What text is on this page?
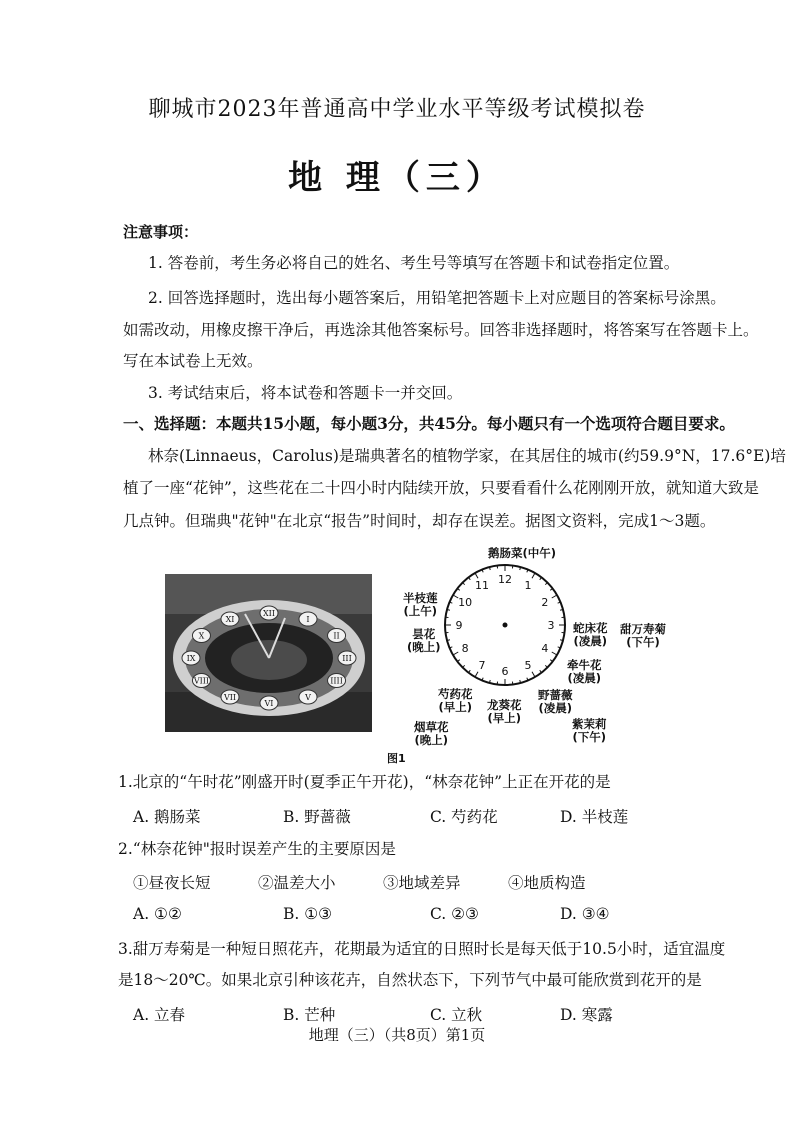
聊城市2023年普通高中学业水平等级考试模拟卷
地 理（三）
注意事项：
1. 答卷前，考生务必将自己的姓名、考生号等填写在答题卡和试卷指定位置。
2. 回答选择题时，选出每小题答案后，用铅笔把答题卡上对应题目的答案标号涂黑。
如需改动，用橡皮擦干净后，再选涂其他答案标号。回答非选择题时，将答案写在答题卡上。
写在本试卷上无效。
3. 考试结束后，将本试卷和答题卡一并交回。
一、选择题：本题共15小题，每小题3分，共45分。每小题只有一个选项符合题目要求。
林奈(Linnaeus，Carolus)是瑞典著名的植物学家，在其居住的城市(约59.9°N，17.6°E)培
植了一座“花钟”，这些花在二十四小时内陆续开放，只要看看什么花刚刚开放，就知道大致是
几点钟。但瑞典"花钟"在北京“报告”时间时，却存在误差。据图文资料，完成1～3题。
XII
I
II
III
IIII
V
VI
VII
VIII
IX
X
XI
12 1
2
3
4
5
6
7
8
9
10
11
鹅肠菜(中午)
半枝莲
(上午)
昙花
(晚上)
蛇床花
(凌晨)
甜万寿菊
(下午)
牵牛花
(凌晨)
野蔷薇
(凌晨)
紫茉莉
(下午)
芍药花
(早上) 龙葵花
(早上)
烟草花
(晚上)
图1
1.北京的“午时花”刚盛开时(夏季正午开花)，“林奈花钟”上正在开花的是
A. 鹅肠菜	B. 野蔷薇	C. 芍药花	D. 半枝莲
2.“林奈花钟"报时误差产生的主要原因是
①昼夜长短	②温差大小	③地域差异	④地质构造
A. ①②	B. ①③	C. ②③	D. ③④
3.甜万寿菊是一种短日照花卉，花期最为适宜的日照时长是每天低于10.5小时，适宜温度
是18～20℃。如果北京引种该花卉，自然状态下，下列节气中最可能欣赏到花开的是
A. 立春	B. 芒种	C. 立秋	D. 寒露
地理（三）（共8页）第1页
